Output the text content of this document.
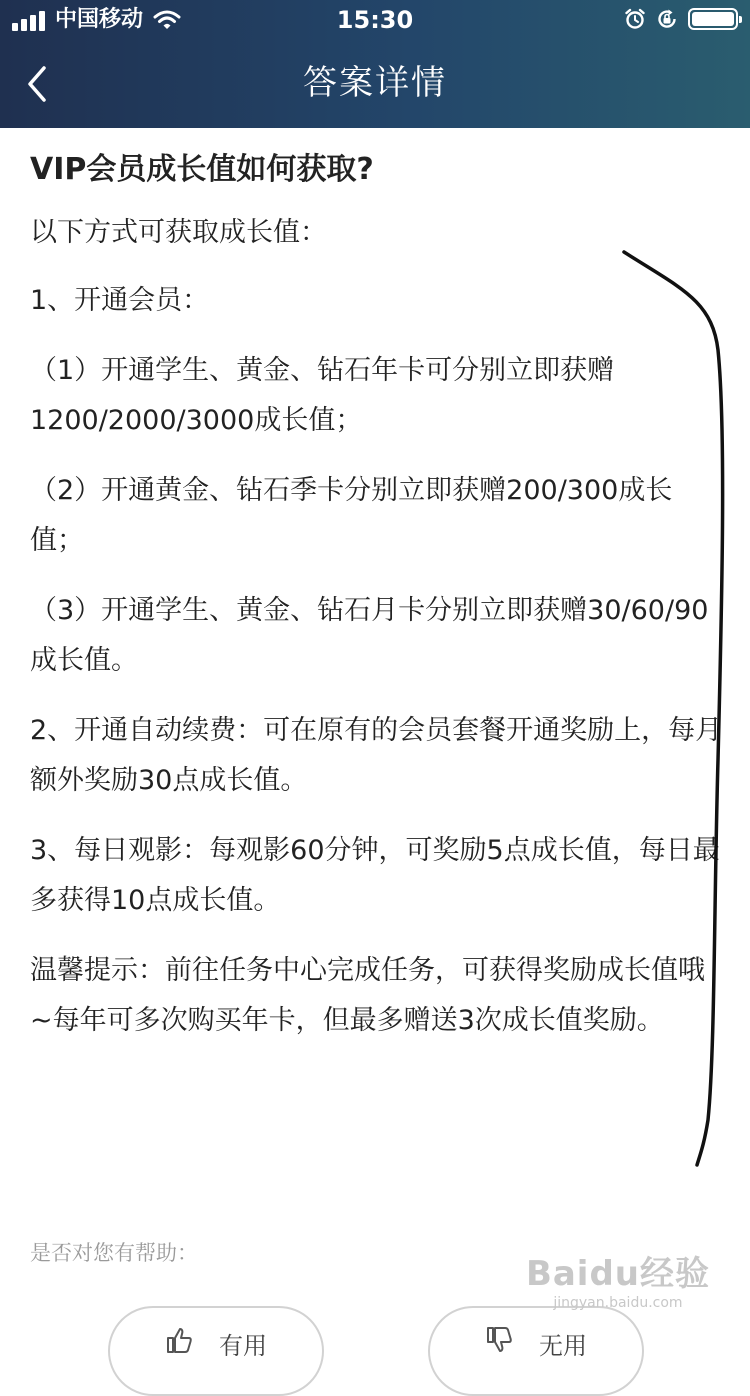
中国移动	15:30
答案详情
VIP会员成长值如何获取?
以下方式可获取成长值：
1、开通会员：
（1）开通学生、黄金、钻石年卡可分别立即获赠1200/2000/3000成长值；
（2）开通黄金、钻石季卡分别立即获赠200/300成长值；
（3）开通学生、黄金、钻石月卡分别立即获赠30/60/90成长值。
2、开通自动续费：可在原有的会员套餐开通奖励上，每月额外奖励30点成长值。
3、每日观影：每观影60分钟，可奖励5点成长值，每日最多获得10点成长值。
温馨提示：前往任务中心完成任务，可获得奖励成长值哦~每年可多次购买年卡，但最多赠送3次成长值奖励。
是否对您有帮助：
有用	无用
Baidu经验
jingyan.baidu.com
